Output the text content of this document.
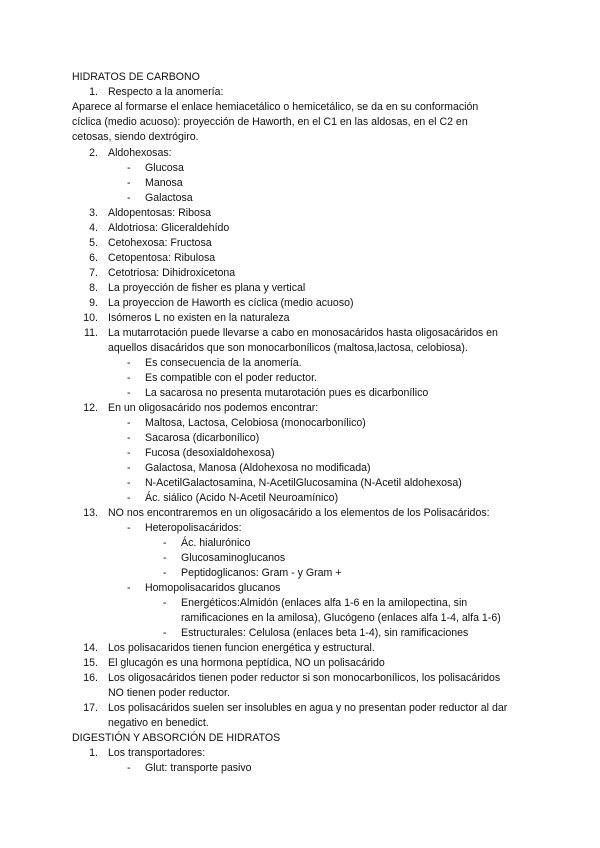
HIDRATOS DE CARBONO
1. Respecto a la anomería:
Aparece al formarse el enlace hemiacetálico o hemicetálico, se da en su conformación
cíclica (medio acuoso): proyección de Haworth, en el C1 en las aldosas, en el C2 en
cetosas, siendo dextrógiro.
2. Aldohexosas:
-	Glucosa
-	Manosa
-	Galactosa
3. Aldopentosas: Ribosa
4. Aldotriosa: Gliceraldehído
5. Cetohexosa: Fructosa
6. Cetopentosa: Ribulosa
7. Cetotriosa: Dihidroxicetona
8. La proyección de fisher es plana y vertical
9. La proyeccion de Haworth es cíclica (medio acuoso)
10. Isómeros L no existen en la naturaleza
11. La mutarrotación puede llevarse a cabo en monosacáridos hasta oligosacáridos en
aquellos disacáridos que son monocarbonílicos (maltosa,lactosa, celobiosa).
-	Es consecuencia de la anomería.
-	Es compatible con el poder reductor.
-	La sacarosa no presenta mutarotación pues es dicarbonílico
12. En un oligosacárido nos podemos encontrar:
-	Maltosa, Lactosa, Celobiosa (monocarbonílico)
-	Sacarosa (dicarbonílico)
-	Fucosa (desoxialdohexosa)
-	Galactosa, Manosa (Aldohexosa no modificada)
-	N-AcetilGalactosamina, N-AcetilGlucosamina (N-Acetil aldohexosa)
-	Ác. siálico (Acido N-Acetil Neuroamínico)
13. NO nos encontraremos en un oligosacárido a los elementos de los Polisacáridos:
-	Heteropolisacáridos:
-	Ác. hialurónico
-	Glucosaminoglucanos
-	Peptidoglicanos: Gram - y Gram +
-	Homopolisacaridos glucanos
-	Energéticos:Almidón (enlaces alfa 1-6 en la amilopectina, sin
ramificaciones en la amilosa), Glucógeno (enlaces alfa 1-4, alfa 1-6)
-	Estructurales: Celulosa (enlaces beta 1-4), sin ramificaciones
14. Los polisacaridos tienen funcion energética y estructural.
15. El glucagón es una hormona peptídica, NO un polisacárido
16. Los oligosacáridos tienen poder reductor si son monocarbonílicos, los polisacáridos
NO tienen poder reductor.
17. Los polisacáridos suelen ser insolubles en agua y no presentan poder reductor al dar
negativo en benedict.
DIGESTIÓN Y ABSORCIÓN DE HIDRATOS
1. Los transportadores:
-	Glut: transporte pasivo
